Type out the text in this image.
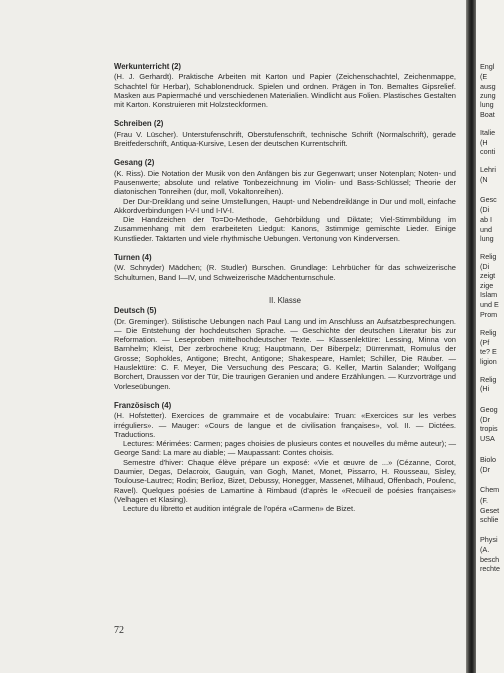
Engl
(E
ausg
zung
lung
Boat
Italie
(H
conti
Lehri
(N
Gesc
(Di
ab I
und
lung
Relig
(Di
zeigt
zige
Islam
und E
Prom
Relig
(Pf
te? E
ligion
Relig
(Hi
Geog
(Dr
tropis
USA
Biolo
(Dr
Chem
(F.
Geset
schlie
Physi
(A.
besch
rechte
Werkunterricht (2)

(H. J. Gerhardt). Praktische Arbeiten mit Karton und Papier (Zeichenschachtel, Zeichenmappe, Schachtel für Herbar), Schablonendruck. Spielen und ordnen. Prägen in Ton. Bemaltes Gipsrelief. Masken aus Papiermaché und verschiedenen Materialien. Windlicht aus Folien. Plastisches Gestalten mit Karton. Konstruieren mit Holzsteckformen.

Schreiben (2)

(Frau V. Lüscher). Unterstufenschrift, Oberstufenschrift, technische Schrift (Normalschrift), gerade Breitfederschrift, Antiqua-Kursive, Lesen der deutschen Kurrentschrift.

Gesang (2)

(K. Riss). Die Notation der Musik von den Anfängen bis zur Gegenwart; unser Notenplan; Noten- und Pausenwerte; absolute und relative Tonbezeichnung im Violin- und Bass-Schlüssel; Theorie der diatonischen Tonreihen (dur, moll, Vokaltonreihen).

Der Dur-Dreiklang und seine Umstellungen, Haupt- und Nebendreiklänge in Dur und moll, einfache Akkordverbindungen I-V-I und I-IV-I.

Die Handzeichen der To=Do-Methode, Gehörbildung und Diktate; Viel-Stimmbildung im Zusammenhang mit dem erarbeiteten Liedgut: Kanons, 3stimmige gemischte Lieder. Einige Kunstlieder. Taktarten und viele rhythmische Uebungen. Vertonung von Kinderversen.

Turnen (4)

(W. Schnyder) Mädchen; (R. Studler) Burschen. Grundlage: Lehrbücher für das schweizerische Schulturnen, Band I—IV, und Schweizerische Mädchenturnschule.

II. Klasse
Deutsch (5)

(Dr. Greminger). Stilistische Uebungen nach Paul Lang und im Anschluss an Aufsatzbesprechungen. — Die Entstehung der hochdeutschen Sprache. — Geschichte der deutschen Literatur bis zur Reformation. — Leseproben mittelhochdeutscher Texte. — Klassenlektüre: Lessing, Minna von Barnhelm; Kleist, Der zerbrochene Krug; Hauptmann, Der Biberpelz; Dürrenmatt, Romulus der Grosse; Sophokles, Antigone; Brecht, Antigone; Shakespeare, Hamlet; Schiller, Die Räuber. — Hauslektüre: C. F. Meyer, Die Versuchung des Pescara; G. Keller, Martin Salander; Wolfgang Borchert, Draussen vor der Tür, Die traurigen Geranien und andere Erzählungen. — Kurzvorträge und Vorleseübungen.

Französisch (4)

(H. Hofstetter). Exercices de grammaire et de vocabulaire: Truan: «Exercices sur les verbes irréguliers». — Mauger: «Cours de langue et de civilisation françaises», vol. II. — Dictées. Traductions.

Lectures: Mérimées: Carmen; pages choisies de plusieurs contes et nouvelles du même auteur); — George Sand: La mare au diable; — Maupassant: Contes choisis.

Semestre d'hiver: Chaque élève prépare un exposé: «Vie et œuvre de ...» (Cézanne, Corot, Daumier, Degas, Delacroix, Gauguin, van Gogh, Manet, Monet, Pissarro, H. Rousseau, Sisley, Toulouse-Lautrec; Rodin; Berlioz, Bizet, Debussy, Honegger, Massenet, Milhaud, Offenbach, Poulenc, Ravel). Quelques poésies de Lamartine à Rimbaud (d'après le «Recueil de poésies françaises» (Velhagen et Klasing).

Lecture du libretto et audition intégrale de l'opéra «Carmen» de Bizet.

72
